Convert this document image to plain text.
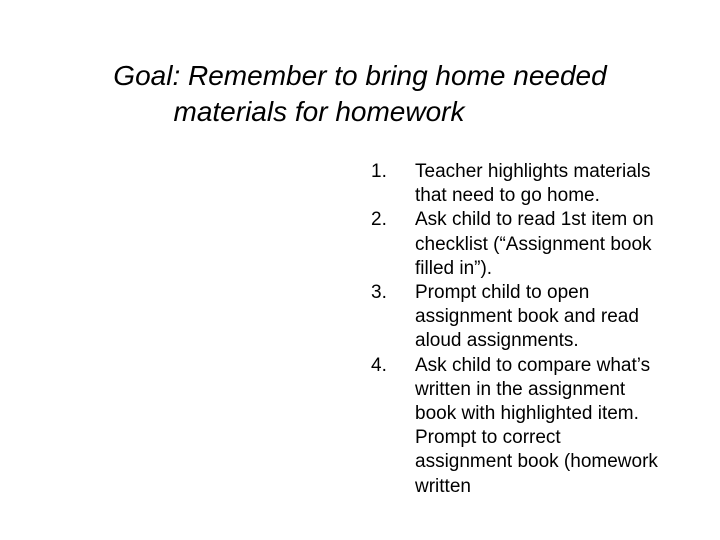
Goal: Remember to bring home needed
materials for homework
1.	Teacher highlights materials that need to go home.
2.	Ask child to read 1st item on checklist (“Assignment book filled in”).
3.	Prompt child to open assignment book and read aloud assignments.
4.	Ask child to compare what’s written in the assignment book with highlighted item. Prompt to correct assignment book (homework written
